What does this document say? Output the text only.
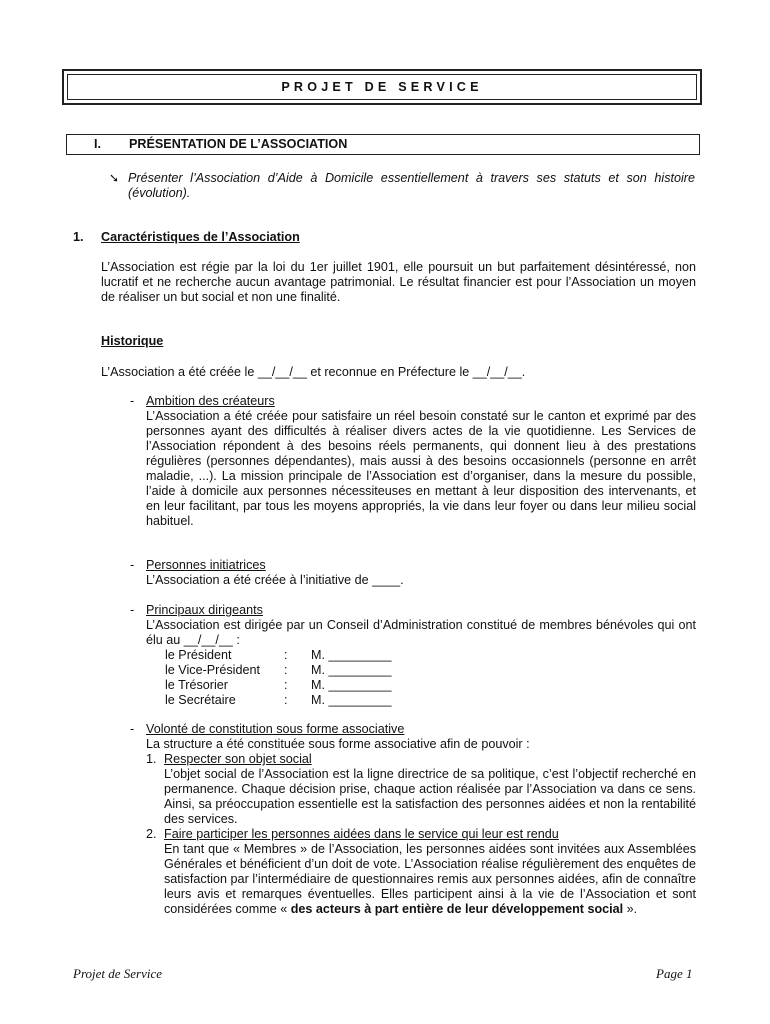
PROJET DE SERVICE
I. PRÉSENTATION DE L’ASSOCIATION
➘ Présenter l’Association d’Aide à Domicile essentiellement à travers ses statuts et son histoire (évolution).
1. Caractéristiques de l’Association
L’Association est régie par la loi du 1er juillet 1901, elle poursuit un but parfaitement désintéressé, non lucratif et ne recherche aucun avantage patrimonial. Le résultat financier est pour l’Association un moyen de réaliser un but social et non une finalité.
Historique
L’Association a été créée le __/__/__ et reconnue en Préfecture le __/__/__.
- Ambition des créateurs
L’Association a été créée pour satisfaire un réel besoin constaté sur le canton et exprimé par des personnes ayant des difficultés à réaliser divers actes de la vie quotidienne. Les Services de l’Association répondent à des besoins réels permanents, qui donnent lieu à des prestations régulières (personnes dépendantes), mais aussi à des besoins occasionnels (personne en arrêt maladie, ...). La mission principale de l’Association est d’organiser, dans la mesure du possible, l’aide à domicile aux personnes nécessiteuses en mettant à leur disposition des intervenants, et en leur facilitant, par tous les moyens appropriés, la vie dans leur foyer ou dans leur milieu social habituel.
- Personnes initiatrices
L’Association a été créée à l’initiative de ____.
- Principaux dirigeants
L’Association est dirigée par un Conseil d’Administration constitué de membres bénévoles qui ont élu au __/__/__ :
le Président	: M. _________
le Vice-Président : M. _________
le Trésorier	: M. _________
le Secrétaire	: M. _________
- Volonté de constitution sous forme associative
La structure a été constituée sous forme associative afin de pouvoir :
1. Respecter son objet social
L’objet social de l’Association est la ligne directrice de sa politique, c’est l’objectif recherché en permanence. Chaque décision prise, chaque action réalisée par l’Association va dans ce sens. Ainsi, sa préoccupation essentielle est la satisfaction des personnes aidées et non la rentabilité des services.
2. Faire participer les personnes aidées dans le service qui leur est rendu
En tant que « Membres » de l’Association, les personnes aidées sont invitées aux Assemblées Générales et bénéficient d’un doit de vote. L’Association réalise régulièrement des enquêtes de satisfaction par l’intermédiaire de questionnaires remis aux personnes aidées, afin de connaître leurs avis et remarques éventuelles. Elles participent ainsi à la vie de l’Association et sont considérées comme « des acteurs à part entière de leur développement social ».
Projet de Service	Page 1
